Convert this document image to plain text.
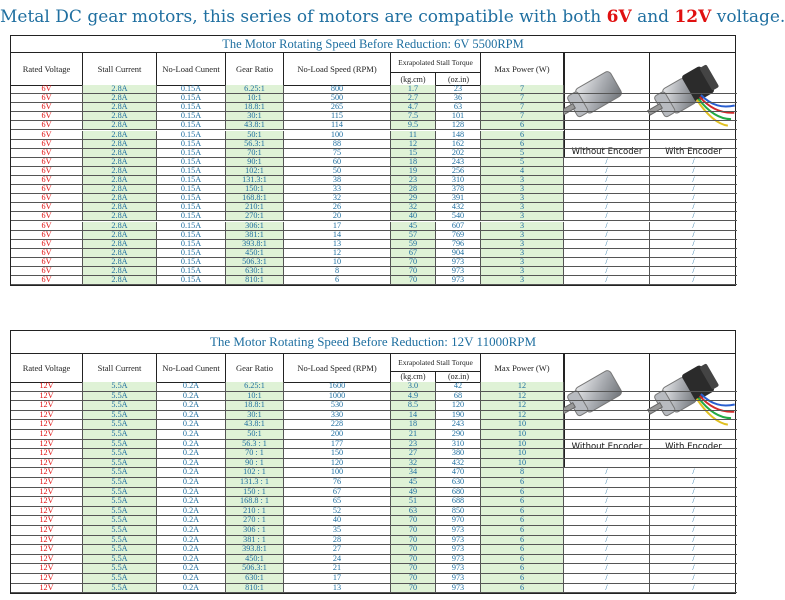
Metal DC gear motors, this series of motors are compatible with both 6V and 12V voltage.
The Motor Rotating Speed Before Reduction: 6V 5500RPM
Rated Voltage	Stall Current	No-Load Cunent	Gear Ratio	No-Load Speed (RPM)	Max Power (W)
Exrapolated Stall Torque
(kg.cm)	(oz.in)
Without Encoder	With Encoder
6V	2.8A	0.15A	6.25:1	800	1.7	23	7
6V	2.8A	0.15A	10:1	500	2.7	36	7
6V	2.8A	0.15A	18.8:1	265	4.7	63	7
6V	2.8A	0.15A	30:1	115	7.5	101	7
6V	2.8A	0.15A	43.8:1	114	9.5	128	6
6V	2.8A	0.15A	50:1	100	11	148	6
6V	2.8A	0.15A	56.3:1	88	12	162	6
6V	2.8A	0.15A	70:1	75	15	202	5
6V	2.8A	0.15A	90:1	60	18	243	5	/	/
6V	2.8A	0.15A	102:1	50	19	256	4	/	/
6V	2.8A	0.15A	131.3:1	38	23	310	3	/	/
6V	2.8A	0.15A	150:1	33	28	378	3	/	/
6V	2.8A	0.15A	168.8:1	32	29	391	3	/	/
6V	2.8A	0.15A	210:1	26	32	432	3	/	/
6V	2.8A	0.15A	270:1	20	40	540	3	/	/
6V	2.8A	0.15A	306:1	17	45	607	3	/	/
6V	2.8A	0.15A	381:1	14	57	769	3	/	/
6V	2.8A	0.15A	393.8:1	13	59	796	3	/	/
6V	2.8A	0.15A	450:1	12	67	904	3	/	/
6V	2.8A	0.15A	506.3:1	10	70	973	3	/	/
6V	2.8A	0.15A	630:1	8	70	973	3	/	/
6V	2.8A	0.15A	810:1	6	70	973	3	/	/
The Motor Rotating Speed Before Reduction: 12V 11000RPM
Rated Voltage	Stall Current	No-Load Cunent	Gear Ratio	No-Load Speed (RPM)	Max Power (W)
Exrapolated Stall Torque
(kg.cm)	(oz.in)
Without Encoder	With Encoder
12V	5.5A	0.2A	6.25:1	1600	3.0	42	12
12V	5.5A	0.2A	10:1	1000	4.9	68	12
12V	5.5A	0.2A	18.8:1	530	8.5	120	12
12V	5.5A	0.2A	30:1	330	14	190	12
12V	5.5A	0.2A	43.8:1	228	18	243	10
12V	5.5A	0.2A	50:1	200	21	290	10
12V	5.5A	0.2A	56.3 : 1	177	23	310	10
12V	5.5A	0.2A	70 : 1	150	27	380	10
12V	5.5A	0.2A	90 : 1	120	32	432	10
12V	5.5A	0.2A	102 : 1	100	34	470	8	/	/
12V	5.5A	0.2A	131.3 : 1	76	45	630	6	/	/
12V	5.5A	0.2A	150 : 1	67	49	680	6	/	/
12V	5.5A	0.2A	168.8 : 1	65	51	688	6	/	/
12V	5.5A	0.2A	210 : 1	52	63	850	6	/	/
12V	5.5A	0.2A	270 : 1	40	70	970	6	/	/
12V	5.5A	0.2A	306 : 1	35	70	973	6	/	/
12V	5.5A	0.2A	381 : 1	28	70	973	6	/	/
12V	5.5A	0.2A	393.8:1	27	70	973	6	/	/
12V	5.5A	0.2A	450:1	24	70	973	6	/	/
12V	5.5A	0.2A	506.3:1	21	70	973	6	/	/
12V	5.5A	0.2A	630:1	17	70	973	6	/	/
12V	5.5A	0.2A	810:1	13	70	973	6	/	/
